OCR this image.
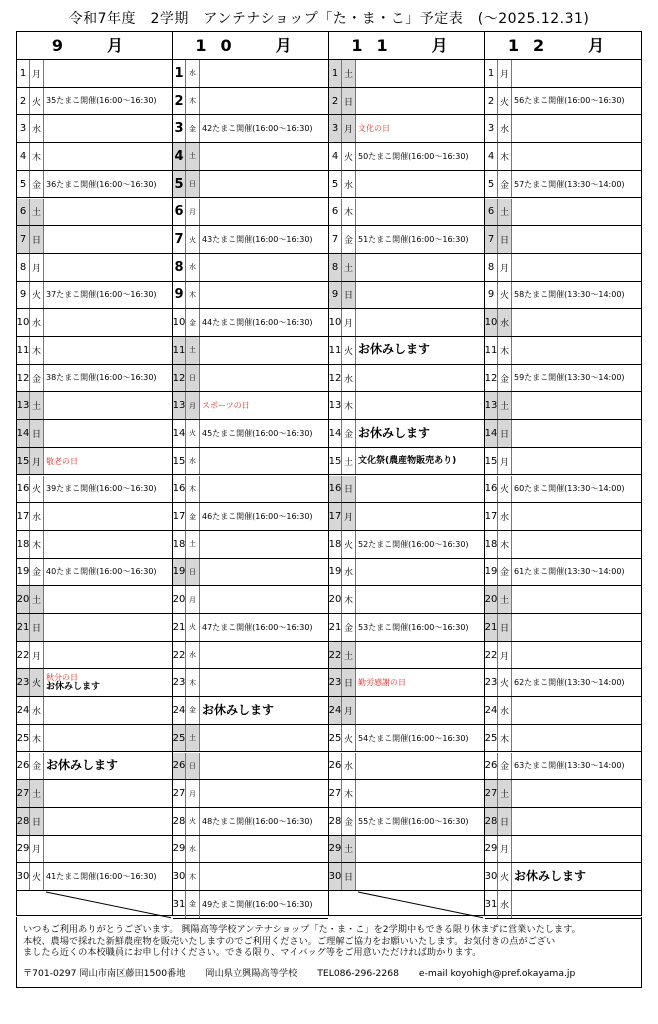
令和7年度　2学期　アンテナショップ「た・ま・こ」予定表　(～2025.12.31)
9　月
1 月
2 火 35たまこ開催(16:00～16:30)
3 水
4 木
5 金 36たまこ開催(16:00～16:30)
6 土
7 日
8 月
9 火 37たまこ開催(16:00～16:30)
10 水
11 木
12 金 38たまこ開催(16:00～16:30)
13 土
14 日
15 月 敬老の日
16 火 39たまこ開催(16:00～16:30)
17 水
18 木
19 金 40たまこ開催(16:00～16:30)
20 土
21 日
22 月
23 火
秋分の日
お休みします
24 水
25 木
26 金 お休みします
27 土
28 日
29 月
30 火 41たまこ開催(16:00～16:30)
10　月
1 水
2 木
3 金 42たまこ開催(16:00～16:30)
4 土
5 日
6 月
7 火 43たまこ開催(16:00～16:30)
8 水
9 木
10 金 44たまこ開催(16:00～16:30)
11 土
12 日
13 月 スポーツの日
14 火 45たまこ開催(16:00～16:30)
15 水
16 木
17 金 46たまこ開催(16:00～16:30)
18 土
19 日
20 月
21 火 47たまこ開催(16:00～16:30)
22 水
23 木
24 金 お休みします
25 土
26 日
27 月
28 火 48たまこ開催(16:00～16:30)
29 水
30 木
31 金 49たまこ開催(16:00～16:30)
11　月
1 土
2 日
3 月 文化の日
4 火 50たまこ開催(16:00～16:30)
5 水
6 木
7 金 51たまこ開催(16:00～16:30)
8 土
9 日
10 月
11 火 お休みします
12 水
13 木
14 金 お休みします
15 土 文化祭(農産物販売あり)
16 日
17 月
18 火 52たまこ開催(16:00～16:30)
19 水
20 木
21 金 53たまこ開催(16:00～16:30)
22 土
23 日 勤労感謝の日
24 月
25 火 54たまこ開催(16:00～16:30)
26 水
27 木
28 金 55たまこ開催(16:00～16:30)
29 土
30 日
12　月
1 月
2 火 56たまこ開催(16:00～16:30)
3 水
4 木
5 金 57たまこ開催(13:30～14:00)
6 土
7 日
8 月
9 火 58たまこ開催(13:30～14:00)
10 水
11 木
12 金 59たまこ開催(13:30～14:00)
13 土
14 日
15 月
16 火 60たまこ開催(13:30～14:00)
17 水
18 木
19 金 61たまこ開催(13:30～14:00)
20 土
21 日
22 月
23 火 62たまこ開催(13:30～14:00)
24 水
25 木
26 金 63たまこ開催(13:30～14:00)
27 土
28 日
29 月
30 火 お休みします
31 水
いつもご利用ありがとうございます。 興陽高等学校アンテナショップ「た・ま・こ」を2学期中もできる限り休まずに営業いたします。
本校、農場で採れた新鮮農産物を販売いたしますのでご利用ください。ご理解ご協力をお願いいたします。お気付きの点がござい
ましたら近くの本校職員にお申し付けください。できる限り、マイバッグ等をご用意いただければ助かります。
〒701-0297 岡山市南区藤田1500番地 岡山県立興陽高等学校 TEL086-296-2268 e-mail koyohigh@pref.okayama.jp
